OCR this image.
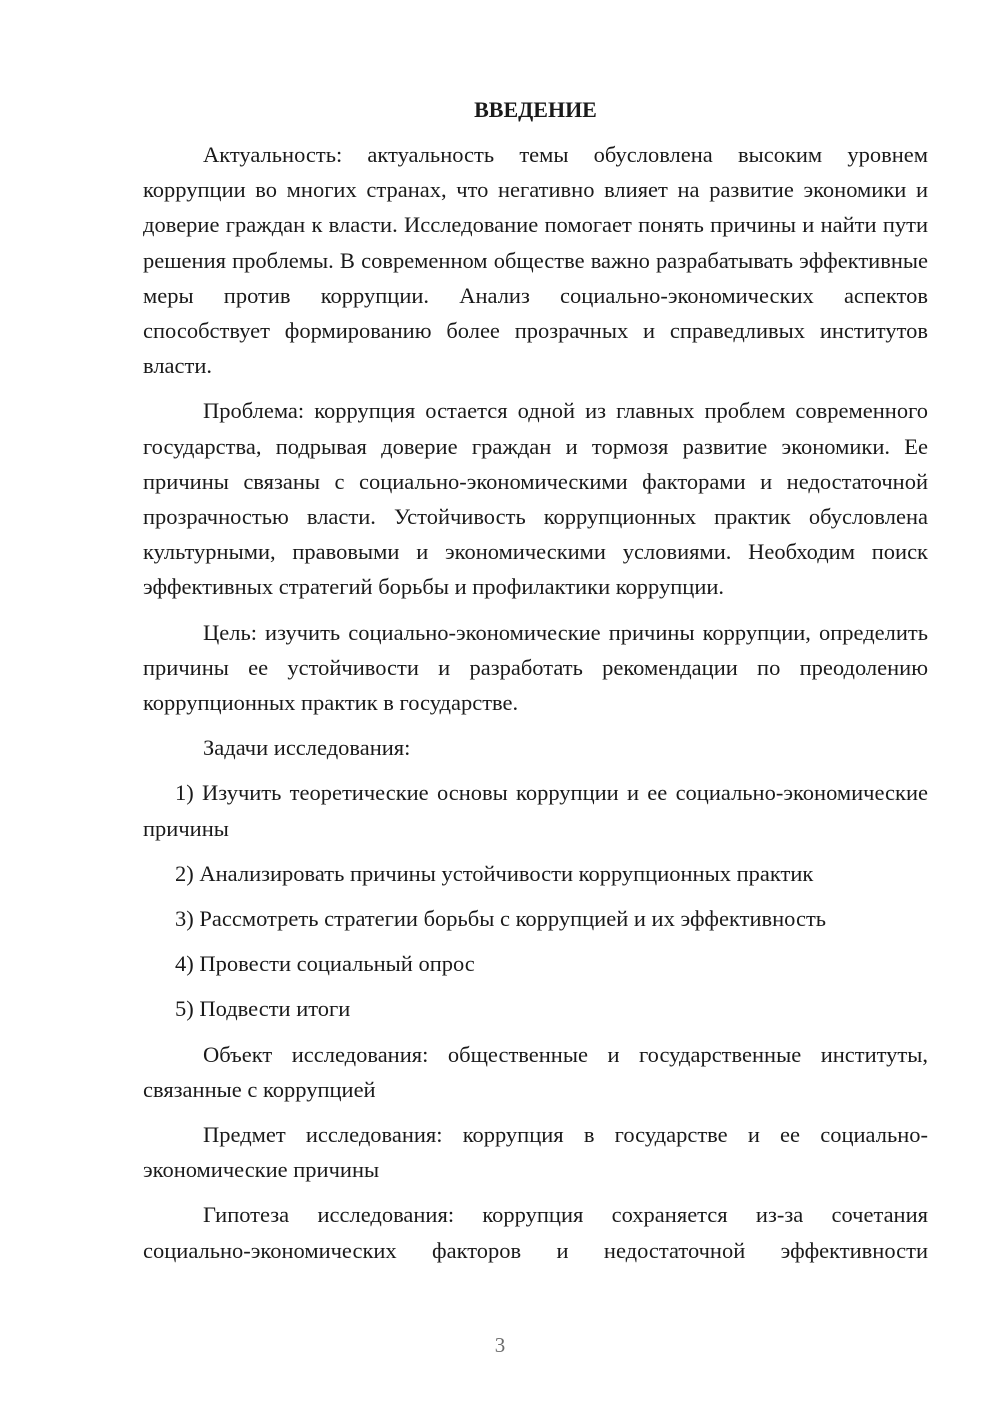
ВВЕДЕНИЕ

Актуальность: актуальность темы обусловлена высоким уровнем коррупции во многих странах, что негативно влияет на развитие экономики и доверие граждан к власти. Исследование помогает понять причины и найти пути решения проблемы. В современном обществе важно разрабатывать эффективные меры против коррупции. Анализ социально-экономических аспектов способствует формированию более прозрачных и справедливых институтов власти.

Проблема: коррупция остается одной из главных проблем современного государства, подрывая доверие граждан и тормозя развитие экономики. Ее причины связаны с социально-экономическими факторами и недостаточной прозрачностью власти. Устойчивость коррупционных практик обусловлена культурными, правовыми и экономическими условиями. Необходим поиск эффективных стратегий борьбы и профилактики коррупции.

Цель: изучить социально-экономические причины коррупции, определить причины ее устойчивости и разработать рекомендации по преодолению коррупционных практик в государстве.

Задачи исследования:

1) Изучить теоретические основы коррупции и ее социально-экономические причины

2) Анализировать причины устойчивости коррупционных практик

3) Рассмотреть стратегии борьбы с коррупцией и их эффективность

4) Провести социальный опрос

5) Подвести итоги

Объект исследования: общественные и государственные институты, связанные с коррупцией

Предмет исследования: коррупция в государстве и ее социально-экономические причины

Гипотеза исследования: коррупция сохраняется из-за сочетания социально-экономических факторов и недостаточной эффективности

3
